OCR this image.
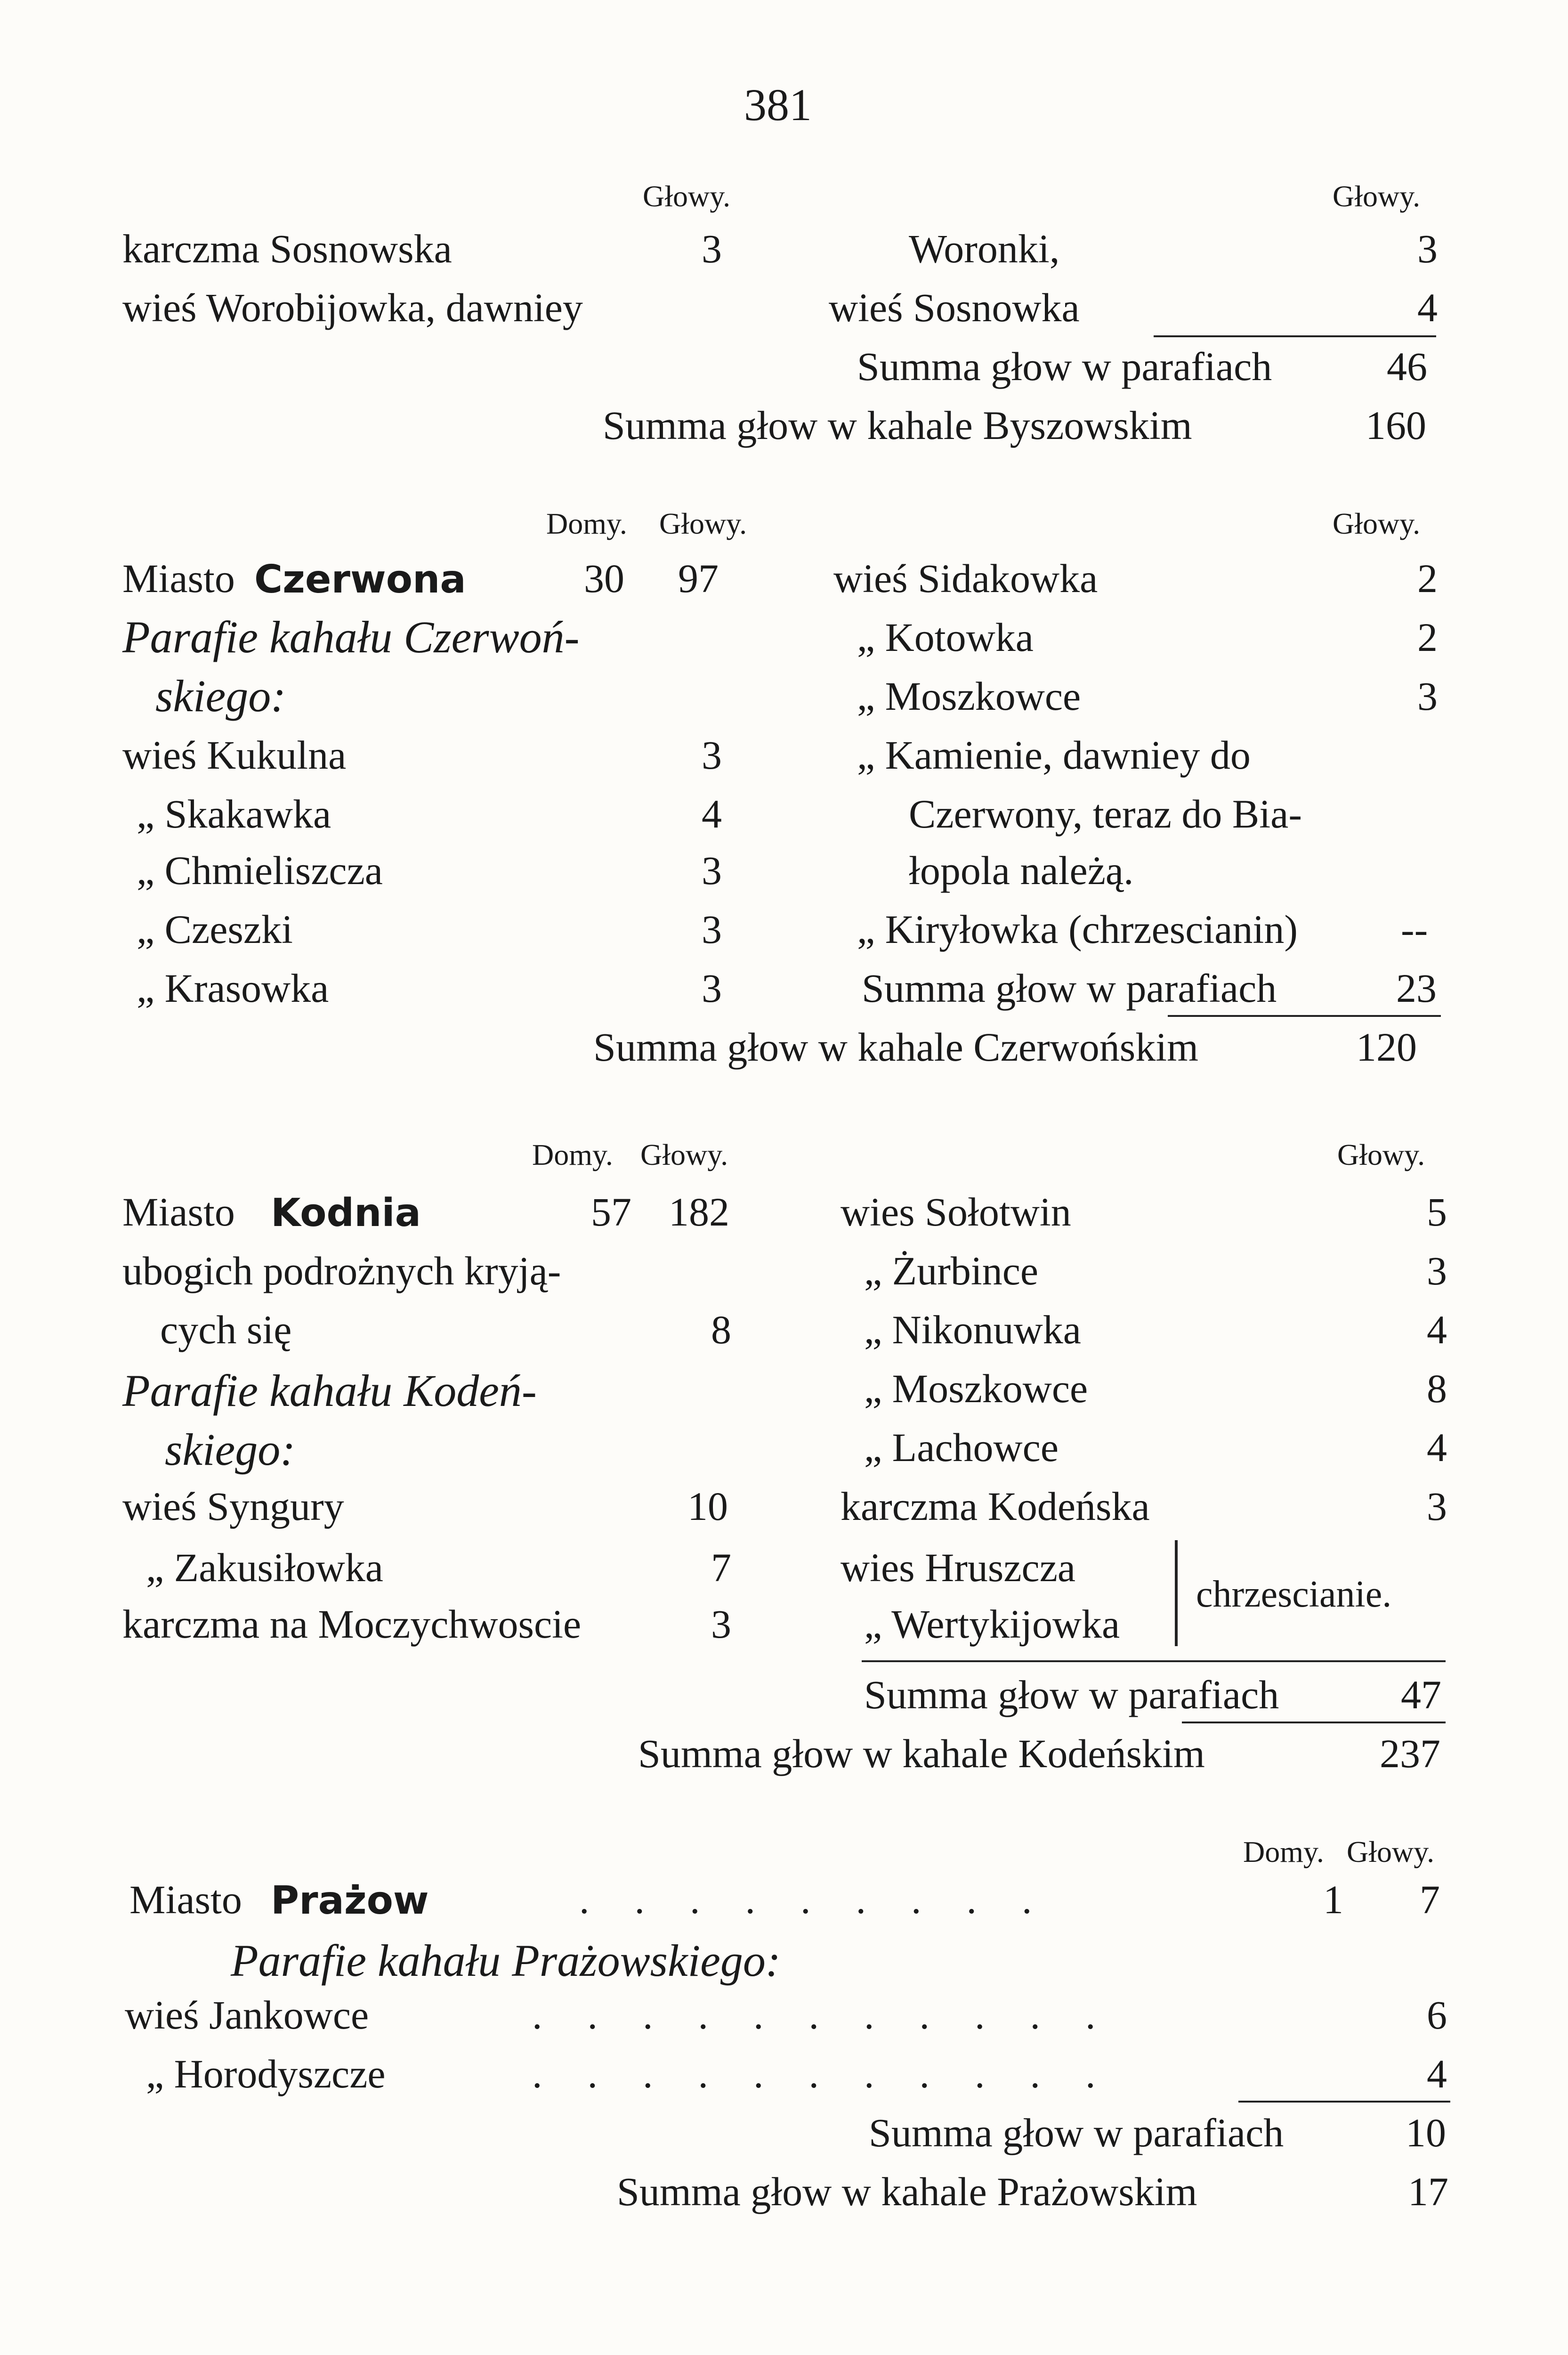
381
Głowy.	Głowy.
karczma Sosnowska	3
wieś Worobijowka, dawniey
Woronki,	3
wieś Sosnowka	4
Summa głow w parafiach	46
Summa głow w kahale Byszowskim	160
Domy. Głowy.	Głowy.
Miasto Czerwona	30 97
Parafie kahału Czerwoń-
skiego:
wieś Kukulna	3
„ Skakawka	4
„ Chmieliszcza	3
„ Czeszki	3
„ Krasowka	3
wieś Sidakowka	2
„ Kotowka	2
„ Moszkowce	3
„ Kamienie, dawniey do
Czerwony, teraz do Bia-
łopola należą.
„ Kiryłowka (chrzescianin)	--
Summa głow w parafiach	23
Summa głow w kahale Czerwońskim	120
Domy. Głowy.	Głowy.
Miasto Kodnia	57 182
ubogich podrożnych kryją-
cych się	8
Parafie kahału Kodeń-
skiego:
wieś Syngury	10
„ Zakusiłowka	7
karczma na Moczychwoscie	3
wies Sołotwin	5
„ Żurbince	3
„ Nikonuwka	4
„ Moszkowce	8
„ Lachowce	4
karczma Kodeńska	3
wies Hruszcza
„ Wertykijowka
chrzescianie.
Summa głow w parafiach	47
Summa głow w kahale Kodeńskim	237
Domy. Głowy.
Miasto Prażow	.........	1 7
Parafie kahału Prażowskiego:
wieś Jankowce	...........	6
„ Horodyszcze	...........	4
Summa głow w parafiach	10
Summa głow w kahale Prażowskim	17
